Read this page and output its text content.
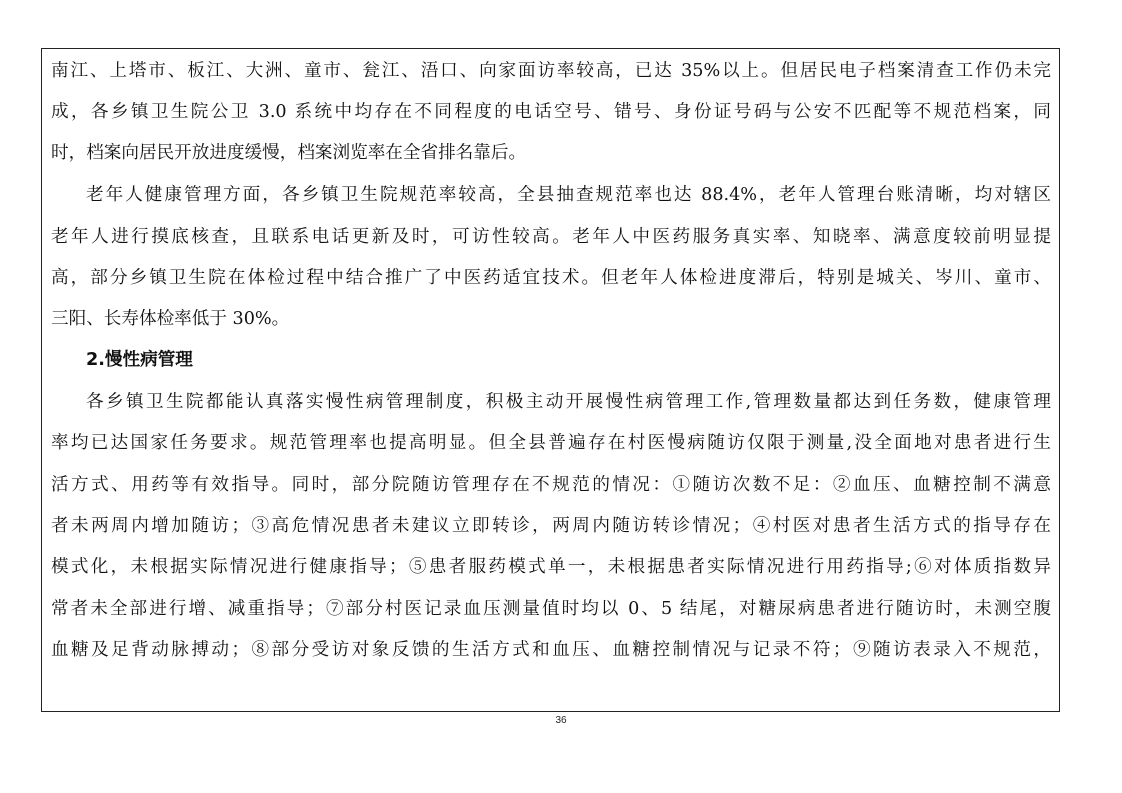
南江、上塔市、板江、大洲、童市、瓮江、浯口、向家面访率较高，已达 35%以上。但居民电子档案清查工作仍未完
成，各乡镇卫生院公卫 3.0 系统中均存在不同程度的电话空号、错号、身份证号码与公安不匹配等不规范档案，同
时，档案向居民开放进度缓慢，档案浏览率在全省排名靠后。
老年人健康管理方面，各乡镇卫生院规范率较高，全县抽查规范率也达 88.4%，老年人管理台账清晰，均对辖区
老年人进行摸底核查，且联系电话更新及时，可访性较高。老年人中医药服务真实率、知晓率、满意度较前明显提
高，部分乡镇卫生院在体检过程中结合推广了中医药适宜技术。但老年人体检进度滞后，特别是城关、岑川、童市、
三阳、长寿体检率低于 30%。
2.慢性病管理
各乡镇卫生院都能认真落实慢性病管理制度，积极主动开展慢性病管理工作,管理数量都达到任务数，健康管理
率均已达国家任务要求。规范管理率也提高明显。但全县普遍存在村医慢病随访仅限于测量,没全面地对患者进行生
活方式、用药等有效指导。同时，部分院随访管理存在不规范的情况：①随访次数不足：②血压、血糖控制不满意
者未两周内增加随访；③高危情况患者未建议立即转诊，两周内随访转诊情况；④村医对患者生活方式的指导存在
模式化，未根据实际情况进行健康指导；⑤患者服药模式单一，未根据患者实际情况进行用药指导;⑥对体质指数异
常者未全部进行增、减重指导；⑦部分村医记录血压测量值时均以 0、5 结尾，对糖尿病患者进行随访时，未测空腹
血糖及足背动脉搏动；⑧部分受访对象反馈的生活方式和血压、血糖控制情况与记录不符；⑨随访表录入不规范，
36
